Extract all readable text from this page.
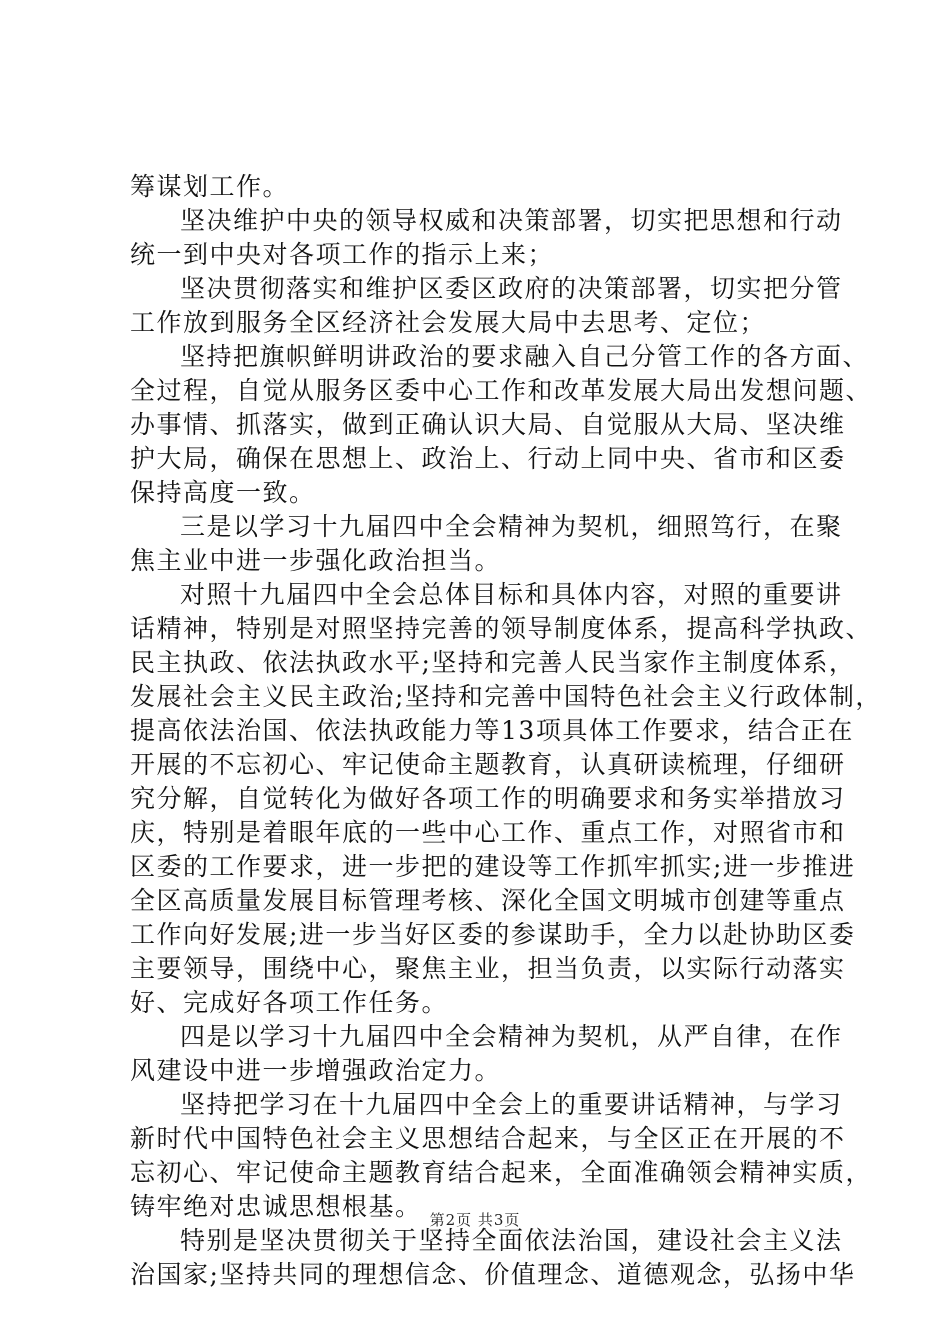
筹谋划工作。
坚决维护中央的领导权威和决策部署，切实把思想和行动
统一到中央对各项工作的指示上来；
坚决贯彻落实和维护区委区政府的决策部署，切实把分管
工作放到服务全区经济社会发展大局中去思考、定位；
坚持把旗帜鲜明讲政治的要求融入自己分管工作的各方面、
全过程，自觉从服务区委中心工作和改革发展大局出发想问题、
办事情、抓落实，做到正确认识大局、自觉服从大局、坚决维
护大局，确保在思想上、政治上、行动上同中央、省市和区委
保持高度一致。
三是以学习十九届四中全会精神为契机，细照笃行，在聚
焦主业中进一步强化政治担当。
对照十九届四中全会总体目标和具体内容，对照的重要讲
话精神，特别是对照坚持完善的领导制度体系，提高科学执政、
民主执政、依法执政水平;坚持和完善人民当家作主制度体系，
发展社会主义民主政治;坚持和完善中国特色社会主义行政体制，
提高依法治国、依法执政能力等13项具体工作要求，结合正在
开展的不忘初心、牢记使命主题教育，认真研读梳理，仔细研
究分解，自觉转化为做好各项工作的明确要求和务实举措放习
庆，特别是着眼年底的一些中心工作、重点工作，对照省市和
区委的工作要求，进一步把的建设等工作抓牢抓实;进一步推进
全区高质量发展目标管理考核、深化全国文明城市创建等重点
工作向好发展;进一步当好区委的参谋助手，全力以赴协助区委
主要领导，围绕中心，聚焦主业，担当负责，以实际行动落实
好、完成好各项工作任务。
四是以学习十九届四中全会精神为契机，从严自律，在作
风建设中进一步增强政治定力。
坚持把学习在十九届四中全会上的重要讲话精神，与学习
新时代中国特色社会主义思想结合起来，与全区正在开展的不
忘初心、牢记使命主题教育结合起来，全面准确领会精神实质，
铸牢绝对忠诚思想根基。
特别是坚决贯彻关于坚持全面依法治国，建设社会主义法
治国家;坚持共同的理想信念、价值理念、道德观念，弘扬中华
第2页 共3页
